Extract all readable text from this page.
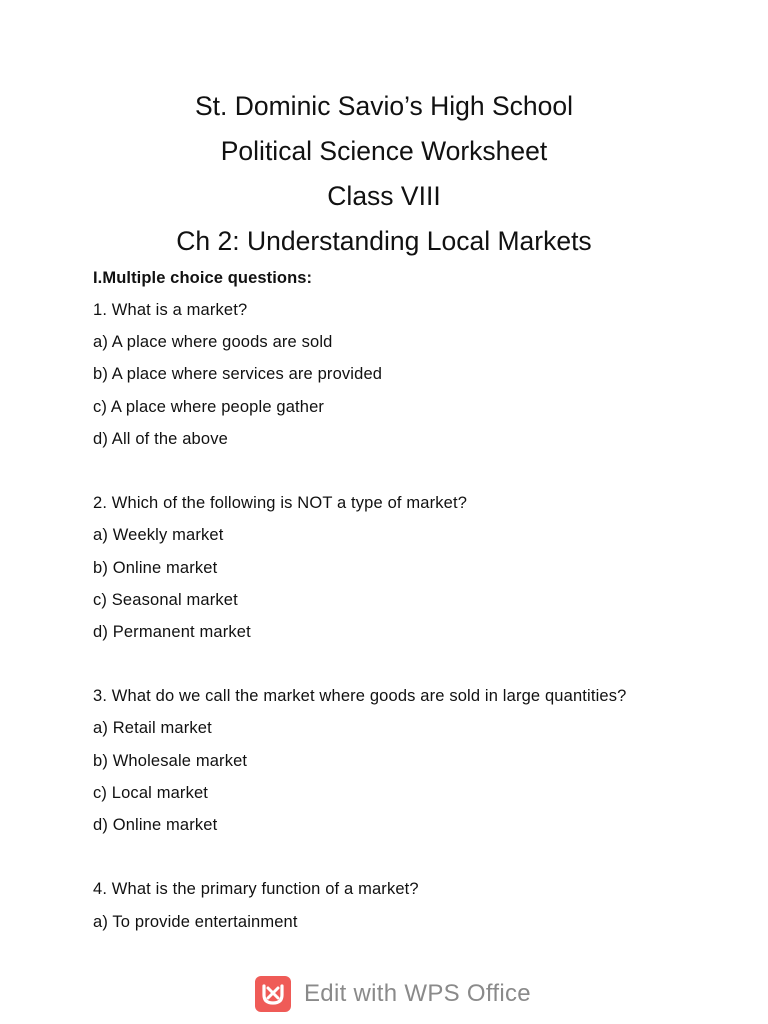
St. Dominic Savio’s High School
Political Science Worksheet
Class VIII
Ch 2: Understanding Local Markets
I.Multiple choice questions:
1. What is a market?
a) A place where goods are sold
b) A place where services are provided
c) A place where people gather
d) All of the above
2. Which of the following is NOT a type of market?
a) Weekly market
b) Online market
c) Seasonal market
d) Permanent market
3. What do we call the market where goods are sold in large quantities?
a) Retail market
b) Wholesale market
c) Local market
d) Online market
4. What is the primary function of a market?
a) To provide entertainment
Edit with WPS Office
